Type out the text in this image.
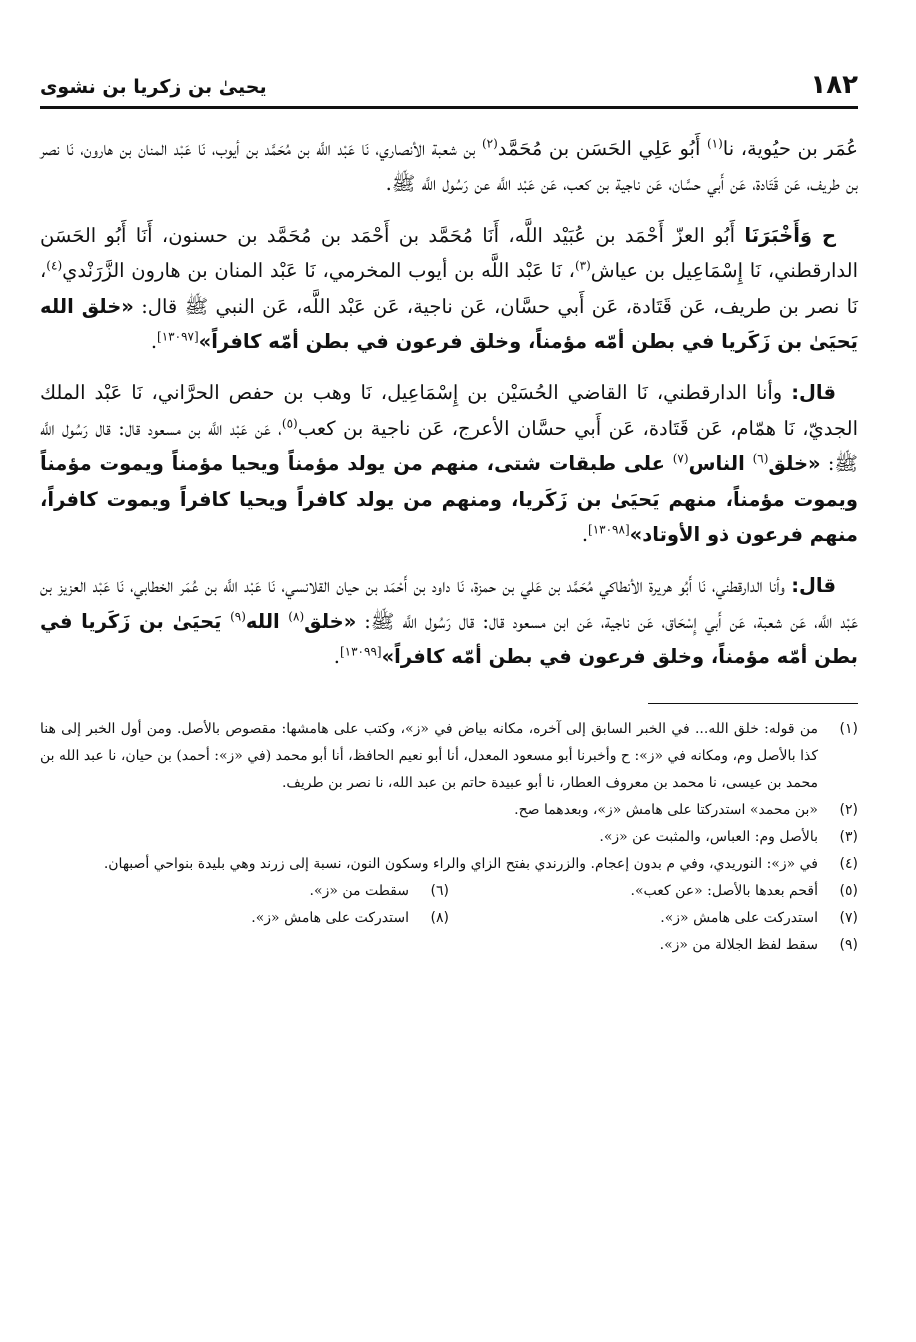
١٨٢
يحيىٰ بن زكريا بن نشوى

عُمَر بن حيُوية، نا$^{(١)}$ أَبُو عَلِي الحَسَن بن مُحَمَّد$^{(٢)}$ بن شعبة الأنصاري، نَا عَبْد اللَّه بن مُحَمَّد بن أيوب، نَا عَبْد المنان بن هارون، نَا نصر بن طريف، عَن قَتَادة، عَن أَبي حسَّان، عَن ناجية بن كعب، عَن عَبْد اللَّه عن رَسُول اللَّه ﷺ.

ح وَأَخْبَرَنَا أَبُو العزّ أَحْمَد بن عُبَيْد اللَّه، أَنَا مُحَمَّد بن أَحْمَد بن مُحَمَّد بن حسنون، أَنَا أَبُو الحَسَن الدارقطني، نَا إِسْمَاعِيل بن عياش$^{(٣)}$، نَا عَبْد اللَّه بن أيوب المخرمي، نَا عَبْد المنان بن هارون الزَّرَنْدي$^{(٤)}$، نَا نصر بن طريف، عَن قَتَادة، عَن أَبي حسَّان، عَن ناجية، عَن عَبْد اللَّه، عَن النبي ﷺ قال: «خلق الله يَحيَىٰ بن زَكَريا في بطن أمّه مؤمناً، وخلق فرعون في بطن أمّه كافراً»[١٣٠٩٧].

قال: وأنا الدارقطني، نَا القاضي الحُسَيْن بن إِسْمَاعِيل، نَا وهب بن حفص الحرَّاني، نَا عَبْد الملك الجديّ، نَا همّام، عَن قَتَادة، عَن أَبي حسَّان الأعرج، عَن ناجية بن كعب$^{(٥)}$، عَن عَبْد اللَّه بن مسعود قال: قال رَسُول اللَّه ﷺ: «خلق$^{(٦)}$ الناس$^{(٧)}$ على طبقات شتى، منهم من يولد مؤمناً ويحيا مؤمناً ويموت مؤمناً ويموت مؤمناً، منهم يَحيَىٰ بن زَكَريا، ومنهم من يولد كافراً ويحيا كافراً ويموت كافراً، منهم فرعون ذو الأوتاد»[١٣٠٩٨].

قال: وأنا الدارقطني، نَا أَبُو هريرة الأنطاكي مُحَمَّد بن عَلي بن حمزة، نَا داود بن أَحْمَد بن حيان القلانسي، نَا عَبْد اللَّه بن عُمَر الخطابي، نَا عَبْد العزيز بن عَبْد اللَّه، عَن شعبة، عَن أَبي إِسْحَاق، عَن ناجية، عَن ابن مسعود قال: قال رَسُول اللَّه ﷺ: «خلق$^{(٨)}$ الله$^{(٩)}$ يَحيَىٰ بن زَكَريا في بطن أمّه مؤمناً، وخلق فرعون في بطن أمّه كافراً»[١٣٠٩٩].

(١)
من قوله: خلق الله... في الخبر السابق إلى آخره، مكانه بياض في «ز»، وكتب على هامشها: مقصوص بالأصل. ومن أول الخبر إلى هنا كذا بالأصل وم، ومكانه في «ز»: ح وأخبرنا أبو مسعود المعدل، أنا أبو نعيم الحافظ، أنا أبو محمد (في «ز»: أحمد) بن حيان، نا عبد الله بن محمد بن عيسى، نا محمد بن معروف العطار، نا أبو عبيدة حاتم بن عبد الله، نا نصر بن طريف.
(٢)
«بن محمد» استدركتا على هامش «ز»، وبعدهما صح.
(٣)
بالأصل وم: العباس، والمثبت عن «ز».
(٤)
في «ز»: النوريدي، وفي م بدون إعجام. والزرندي بفتح الزاي والراء وسكون النون، نسبة إلى زرند وهي بليدة بنواحي أصبهان.
(٥)
أقحم بعدها بالأصل: «عن كعب».
(٦)
سقطت من «ز».
(٧)
استدركت على هامش «ز».
(٨)
استدركت على هامش «ز».
(٩)
سقط لفظ الجلالة من «ز».
